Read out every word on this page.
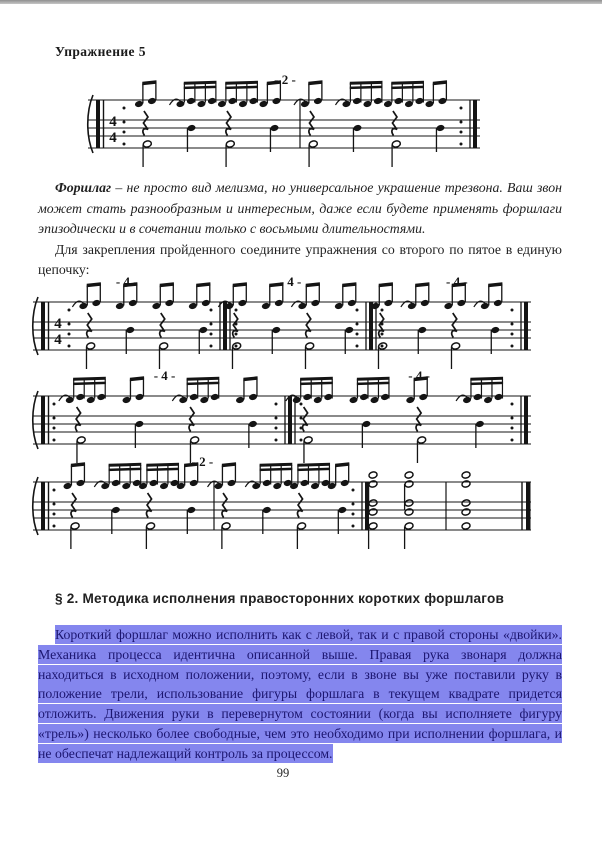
Упражнение 5
4
4
- 2 -
4
4
- 4 -	- 4 -	- 4 -
- 4 -	- 4 -
- 2 -

Форшлаг – не просто вид мелизма, но универсальное украшение трезвона. Ваш звон может стать разнообразным и интересным, даже если будете применять форшлаги эпизодически и в сочетании только с восьмыми длительностями.

Для закрепления пройденного соедините упражнения со второго по пятое в единую цепочку:

§ 2. Методика исполнения правосторонних коротких форшлагов

Короткий форшлаг можно исполнить как с левой, так и с правой стороны «двойки». Механика процесса идентична описанной выше. Правая рука звонаря должна находиться в исходном положении, поэтому, если в звоне вы уже поставили руку в положение трели, использование фигуры форшлага в текущем квадрате придется отложить. Движения руки в перевернутом состоянии (когда вы исполняете фигуру «трель») несколько более свободные, чем это необходимо при исполнении форшлага, и не обеспечат надлежащий контроль за процессом.

99
